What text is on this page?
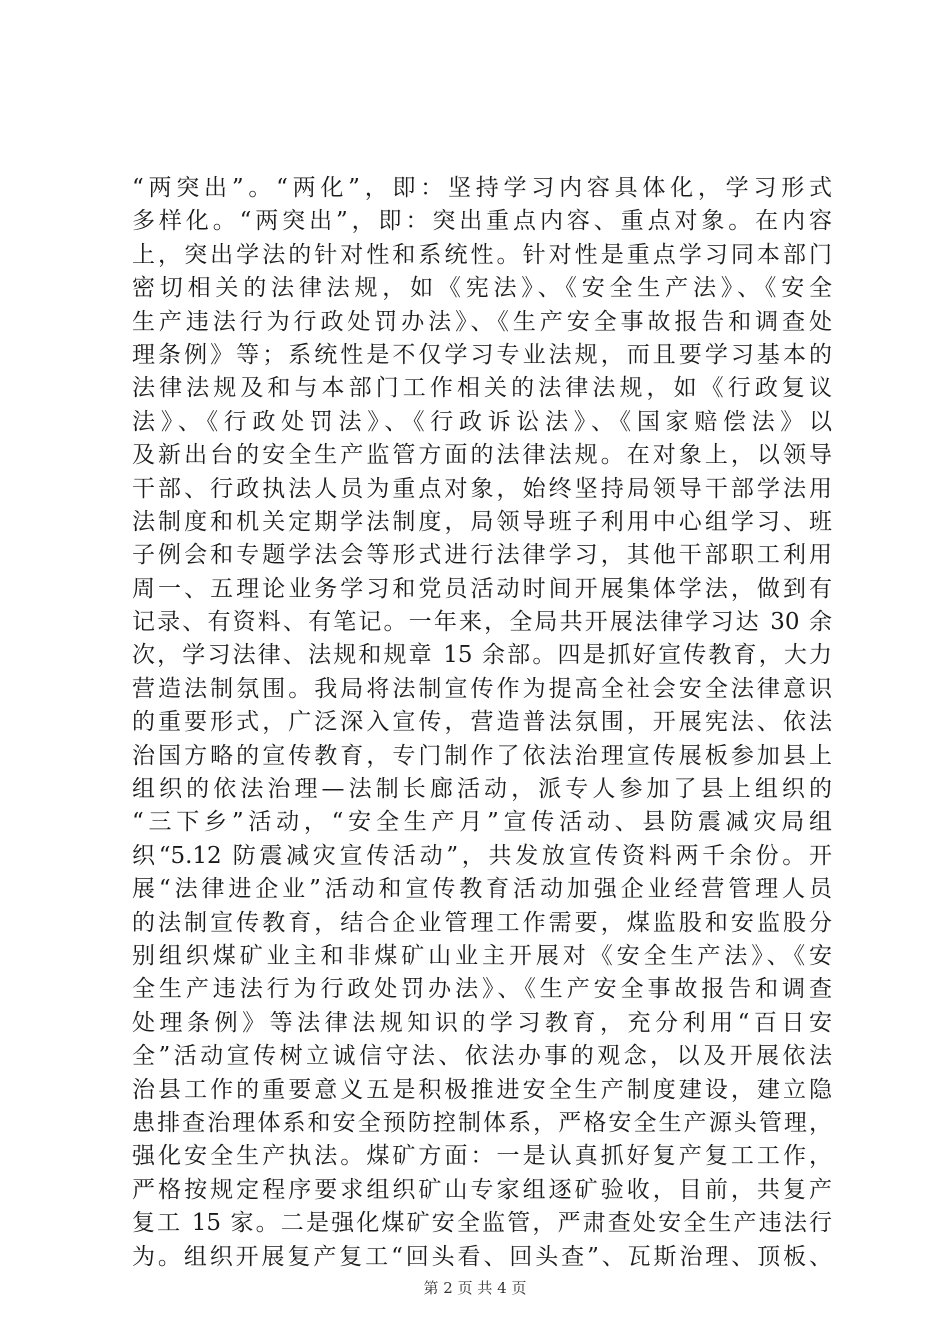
“两突出”。“两化”，即：坚持学习内容具体化，学习形式
多样化。“两突出”，即：突出重点内容、重点对象。在内容
上，突出学法的针对性和系统性。针对性是重点学习同本部门
密切相关的法律法规，如《宪法》、《安全生产法》、《安全
生产违法行为行政处罚办法》、《生产安全事故报告和调查处
理条例》等；系统性是不仅学习专业法规，而且要学习基本的
法律法规及和与本部门工作相关的法律法规，如《行政复议
法》、《行政处罚法》、《行政诉讼法》、《国家赔偿法》以
及新出台的安全生产监管方面的法律法规。在对象上，以领导
干部、行政执法人员为重点对象，始终坚持局领导干部学法用
法制度和机关定期学法制度，局领导班子利用中心组学习、班
子例会和专题学法会等形式进行法律学习，其他干部职工利用
周一、五理论业务学习和党员活动时间开展集体学法，做到有
记录、有资料、有笔记。一年来，全局共开展法律学习达 30 余
次，学习法律、法规和规章 15 余部。四是抓好宣传教育，大力
营造法制氛围。我局将法制宣传作为提高全社会安全法律意识
的重要形式，广泛深入宣传，营造普法氛围，开展宪法、依法
治国方略的宣传教育，专门制作了依法治理宣传展板参加县上
组织的依法治理—法制长廊活动，派专人参加了县上组织的
“三下乡”活动，“安全生产月”宣传活动、县防震减灾局组
织“5.12 防震减灾宣传活动”，共发放宣传资料两千余份。开
展“法律进企业”活动和宣传教育活动加强企业经营管理人员
的法制宣传教育，结合企业管理工作需要，煤监股和安监股分
别组织煤矿业主和非煤矿山业主开展对《安全生产法》、《安
全生产违法行为行政处罚办法》、《生产安全事故报告和调查
处理条例》等法律法规知识的学习教育，充分利用“百日安
全”活动宣传树立诚信守法、依法办事的观念，以及开展依法
治县工作的重要意义五是积极推进安全生产制度建设，建立隐
患排查治理体系和安全预防控制体系，严格安全生产源头管理，
强化安全生产执法。煤矿方面：一是认真抓好复产复工工作，
严格按规定程序要求组织矿山专家组逐矿验收，目前，共复产
复工 15 家。二是强化煤矿安全监管，严肃查处安全生产违法行
为。组织开展复产复工“回头看、回头查”、瓦斯治理、顶板、
第 2 页 共 4 页
